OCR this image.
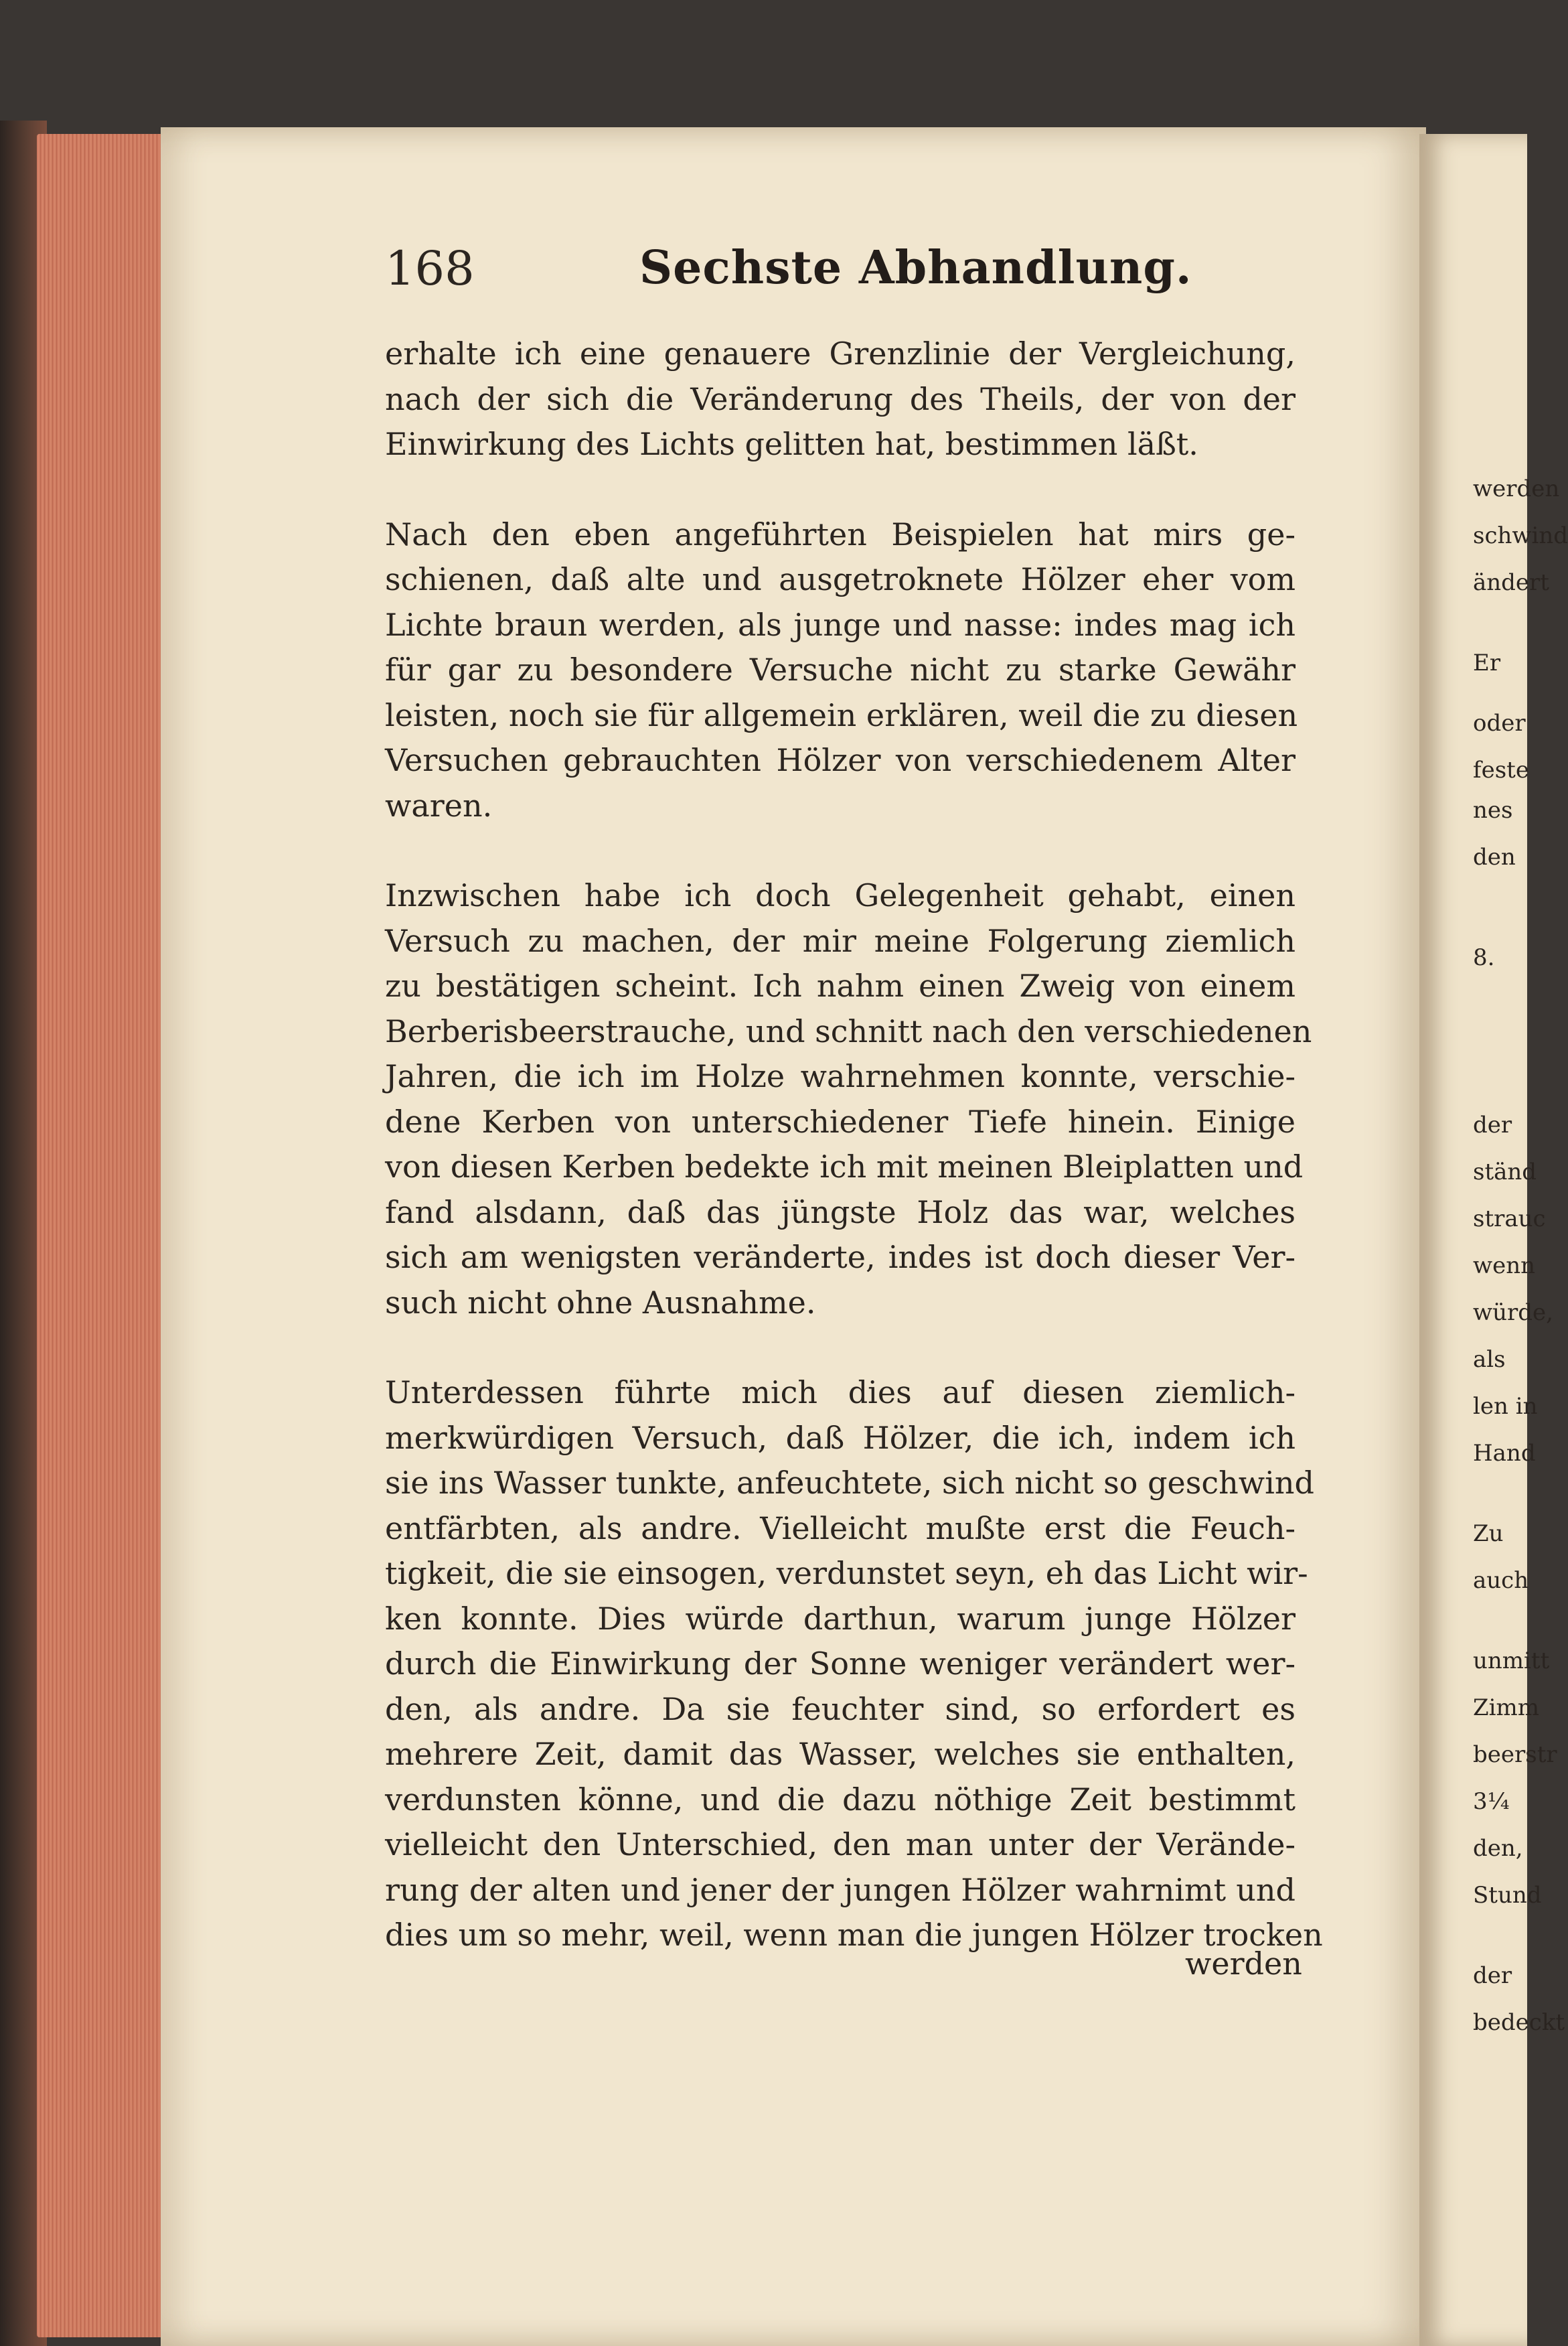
werden
schwind
ändert
Er
oder
feste
nes
den
8.
der
ständ
strauc
wenn
würde,
als
len in
Hand
Zu
auch
unmitt
Zimm
beerstr
3¼
den,
Stund
der
bedeckt
168	Sechste Abhandlung.

erhalte ich eine genauere Grenzlinie der Vergleichung,
nach der sich die Veränderung des Theils, der von der
Einwirkung des Lichts gelitten hat, bestimmen läßt.

Nach den eben angeführten Beispielen hat mirs ge-
schienen, daß alte und ausgetroknete Hölzer eher vom
Lichte braun werden, als junge und nasse: indes mag ich
für gar zu besondere Versuche nicht zu starke Gewähr
leisten, noch sie für allgemein erklären, weil die zu diesen
Versuchen gebrauchten Hölzer von verschiedenem Alter
waren.

Inzwischen habe ich doch Gelegenheit gehabt, einen
Versuch zu machen, der mir meine Folgerung ziemlich
zu bestätigen scheint. Ich nahm einen Zweig von einem
Berberisbeerstrauche, und schnitt nach den verschiedenen
Jahren, die ich im Holze wahrnehmen konnte, verschie-
dene Kerben von unterschiedener Tiefe hinein. Einige
von diesen Kerben bedekte ich mit meinen Bleiplatten und
fand alsdann, daß das jüngste Holz das war, welches
sich am wenigsten veränderte, indes ist doch dieser Ver-
such nicht ohne Ausnahme.

Unterdessen führte mich dies auf diesen ziemlich-
merkwürdigen Versuch, daß Hölzer, die ich, indem ich
sie ins Wasser tunkte, anfeuchtete, sich nicht so geschwind
entfärbten, als andre. Vielleicht mußte erst die Feuch-
tigkeit, die sie einsogen, verdunstet seyn, eh das Licht wir-
ken konnte. Dies würde darthun, warum junge Hölzer
durch die Einwirkung der Sonne weniger verändert wer-
den, als andre. Da sie feuchter sind, so erfordert es
mehrere Zeit, damit das Wasser, welches sie enthalten,
verdunsten könne, und die dazu nöthige Zeit bestimmt
vielleicht den Unterschied, den man unter der Verände-
rung der alten und jener der jungen Hölzer wahrnimt und
dies um so mehr, weil, wenn man die jungen Hölzer trocken

werden
